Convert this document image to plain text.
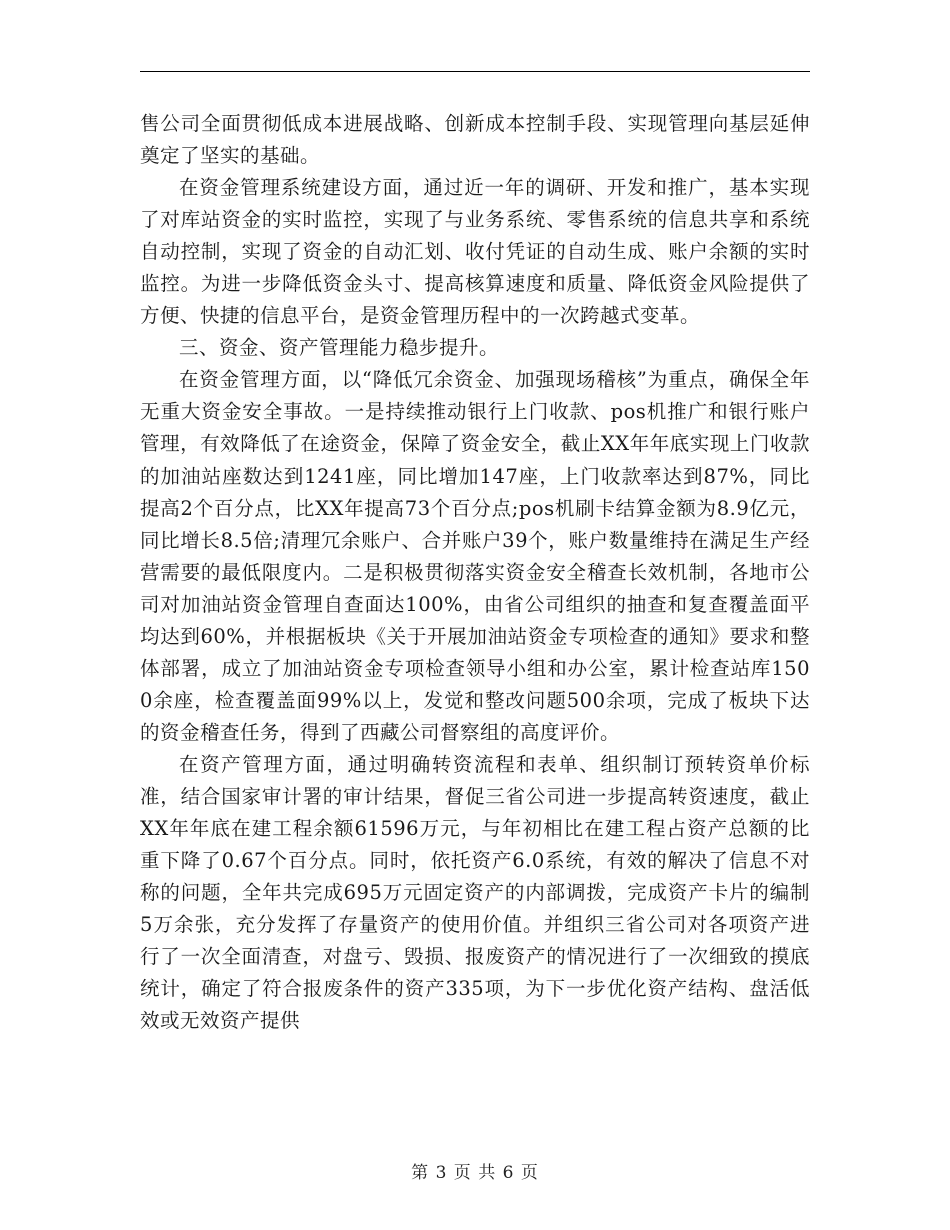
售公司全面贯彻低成本进展战略、创新成本控制手段、实现管理向基层延伸奠定了坚实的基础。

在资金管理系统建设方面，通过近一年的调研、开发和推广，基本实现了对库站资金的实时监控，实现了与业务系统、零售系统的信息共享和系统自动控制，实现了资金的自动汇划、收付凭证的自动生成、账户余额的实时监控。为进一步降低资金头寸、提高核算速度和质量、降低资金风险提供了方便、快捷的信息平台，是资金管理历程中的一次跨越式变革。

三、资金、资产管理能力稳步提升。

在资金管理方面，以“降低冗余资金、加强现场稽核”为重点，确保全年无重大资金安全事故。一是持续推动银行上门收款、pos机推广和银行账户管理，有效降低了在途资金，保障了资金安全，截止XX年年底实现上门收款的加油站座数达到1241座，同比增加147座，上门收款率达到87%，同比提高2个百分点，比XX年提高73个百分点;pos机刷卡结算金额为8.9亿元，同比增长8.5倍;清理冗余账户、合并账户39个，账户数量维持在满足生产经营需要的最低限度内。二是积极贯彻落实资金安全稽查长效机制，各地市公司对加油站资金管理自查面达100%，由省公司组织的抽查和复查覆盖面平均达到60%，并根据板块《关于开展加油站资金专项检查的通知》要求和整体部署，成立了加油站资金专项检查领导小组和办公室，累计检查站库1500余座，检查覆盖面99%以上，发觉和整改问题500余项，完成了板块下达的资金稽查任务，得到了西藏公司督察组的高度评价。

在资产管理方面，通过明确转资流程和表单、组织制订预转资单价标准，结合国家审计署的审计结果，督促三省公司进一步提高转资速度，截止XX年年底在建工程余额61596万元，与年初相比在建工程占资产总额的比重下降了0.67个百分点。同时，依托资产6.0系统，有效的解决了信息不对称的问题，全年共完成695万元固定资产的内部调拨，完成资产卡片的编制5万余张，充分发挥了存量资产的使用价值。并组织三省公司对各项资产进行了一次全面清查，对盘亏、毁损、报废资产的情况进行了一次细致的摸底统计，确定了符合报废条件的资产335项，为下一步优化资产结构、盘活低效或无效资产提供

第 3 页 共 6 页
